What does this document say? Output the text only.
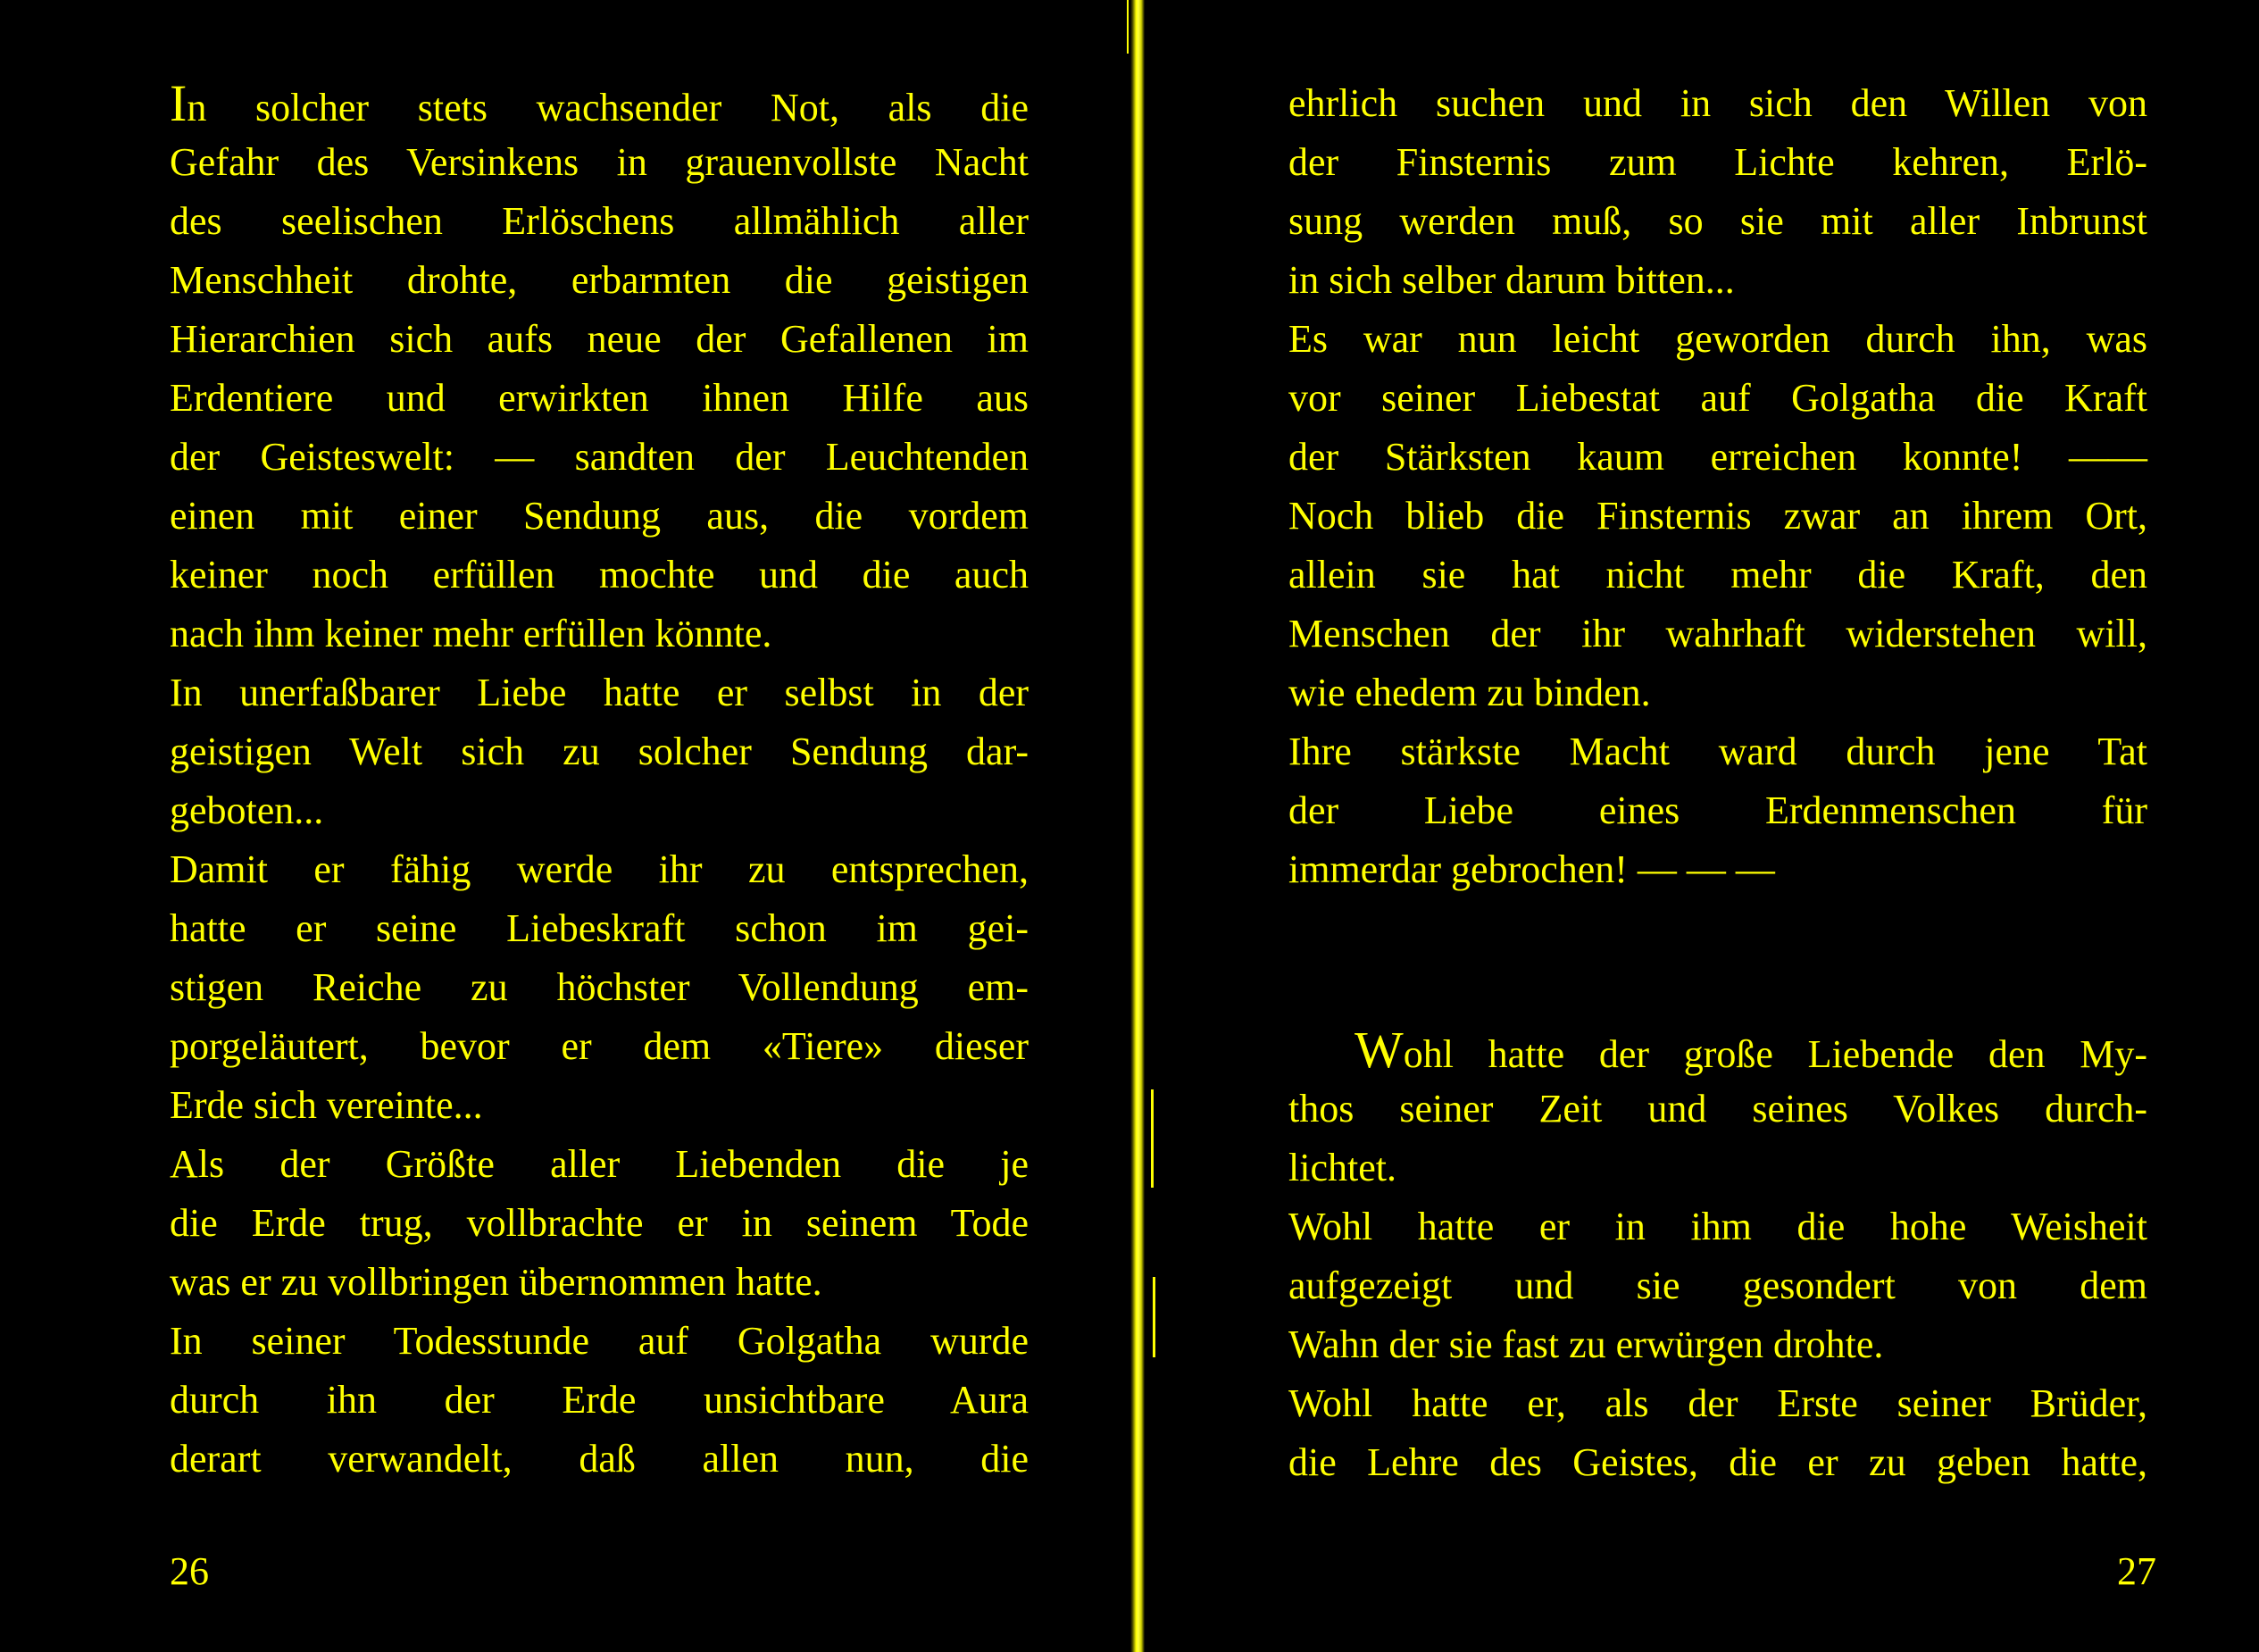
In solcher stets wachsender Not, als die
Gefahr des Versinkens in grauenvollste Nacht
des seelischen Erlöschens allmählich aller
Menschheit drohte, erbarmten die geistigen
Hierarchien sich aufs neue der Gefallenen im
Erdentiere und erwirkten ihnen Hilfe aus
der Geisteswelt: — sandten der Leuchtenden
einen mit einer Sendung aus, die vordem
keiner noch erfüllen mochte und die auch
nach ihm keiner mehr erfüllen könnte.
In unerfaßbarer Liebe hatte er selbst in der
geistigen Welt sich zu solcher Sendung dar-
geboten...
Damit er fähig werde ihr zu entsprechen,
hatte er seine Liebeskraft schon im gei-
stigen Reiche zu höchster Vollendung em-
porgeläutert, bevor er dem «Tiere» dieser
Erde sich vereinte...
Als der Größte aller Liebenden die je
die Erde trug, vollbrachte er in seinem Tode
was er zu vollbringen übernommen hatte.
In seiner Todesstunde auf Golgatha wurde
durch ihn der Erde unsichtbare Aura
derart verwandelt, daß allen nun, die
26
ehrlich suchen und in sich den Willen von
der Finsternis zum Lichte kehren, Erlö-
sung werden muß, so sie mit aller Inbrunst
in sich selber darum bitten...
Es war nun leicht geworden durch ihn, was
vor seiner Liebestat auf Golgatha die Kraft
der Stärksten kaum erreichen konnte! ——
Noch blieb die Finsternis zwar an ihrem Ort,
allein sie hat nicht mehr die Kraft, den
Menschen der ihr wahrhaft widerstehen will,
wie ehedem zu binden.
Ihre stärkste Macht ward durch jene Tat
der Liebe eines Erdenmenschen für
immerdar gebrochen! — — —
Wohl hatte der große Liebende den My-
thos seiner Zeit und seines Volkes durch-
lichtet.
Wohl hatte er in ihm die hohe Weisheit
aufgezeigt und sie gesondert von dem
Wahn der sie fast zu erwürgen drohte.
Wohl hatte er, als der Erste seiner Brüder,
die Lehre des Geistes, die er zu geben hatte,
27
